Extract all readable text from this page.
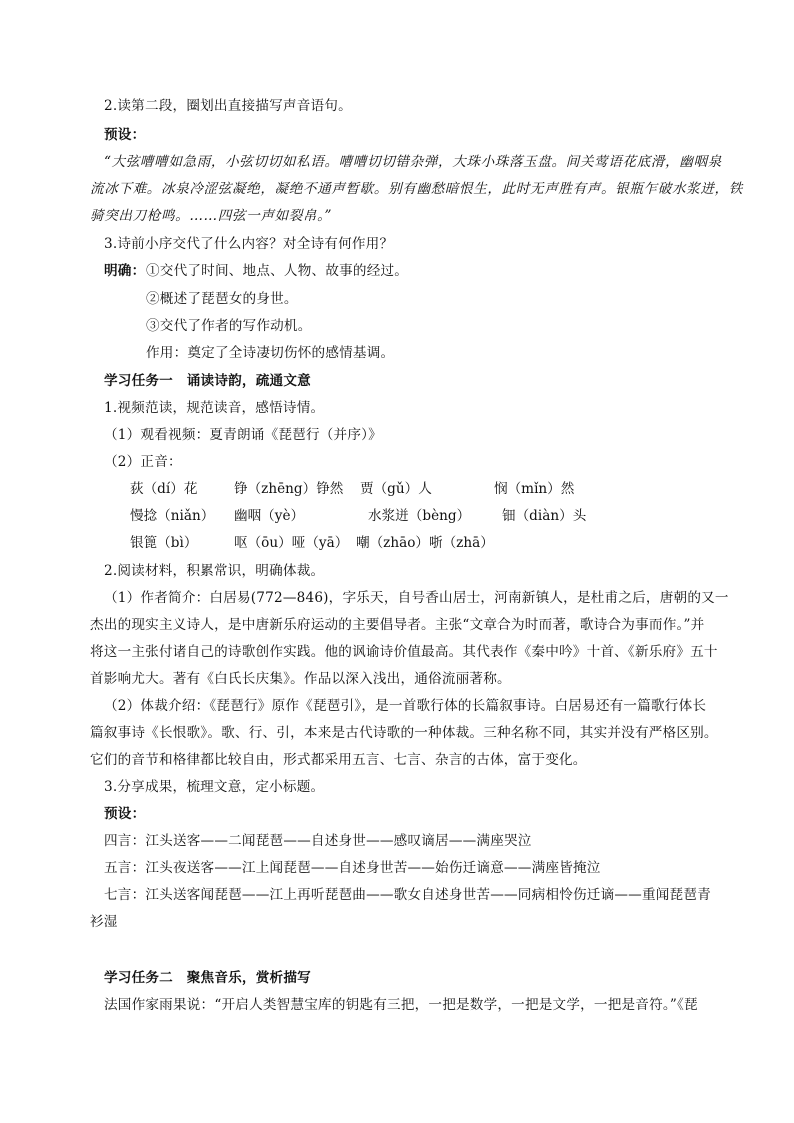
2.读第二段，圈划出直接描写声音语句。
预设：
“大弦嘈嘈如急雨，小弦切切如私语。嘈嘈切切错杂弹，大珠小珠落玉盘。间关莺语花底滑，幽咽泉
流冰下难。冰泉冷涩弦凝绝，凝绝不通声暂歇。别有幽愁暗恨生，此时无声胜有声。银瓶乍破水浆迸，铁
骑突出刀枪鸣。……四弦一声如裂帛。”
3.诗前小序交代了什么内容？对全诗有何作用？
明确： ①交代了时间、地点、人物、故事的经过。
②概述了琵琶女的身世。
③交代了作者的写作动机。
作用：奠定了全诗凄切伤怀的感情基调。
学习任务一　诵读诗韵，疏通文意
1.视频范读，规范读音，感悟诗情。
（1）观看视频：夏青朗诵《琵琶行（并序）》
（2）正音：
荻（dí）花	铮（zhēng）铮然 贾（gǔ）人	悯（mǐn）然
慢捻（niǎn） 幽咽（yè）	水浆迸（bèng） 钿（diàn）头
银篦（bì）	呕（ōu）哑（yā） 嘲（zhāo）哳（zhā）
2.阅读材料，积累常识，明确体裁。
（1）作者简介：白居易(772—846)，字乐天，自号香山居士，河南新镇人，是杜甫之后，唐朝的又一
杰出的现实主义诗人，是中唐新乐府运动的主要倡导者。主张“文章合为时而著，歌诗合为事而作。”并
将这一主张付诸自己的诗歌创作实践。他的讽谕诗价值最高。其代表作《秦中吟》十首、《新乐府》五十
首影响尤大。著有《白氏长庆集》。作品以深入浅出，通俗流丽著称。
（2）体裁介绍：《琵琶行》原作《琵琶引》，是一首歌行体的长篇叙事诗。白居易还有一篇歌行体长
篇叙事诗《长恨歌》。歌、行、引，本来是古代诗歌的一种体裁。三种名称不同，其实并没有严格区别。
它们的音节和格律都比较自由，形式都采用五言、七言、杂言的古体，富于变化。
3.分享成果，梳理文意，定小标题。
预设：
四言：江头送客——二闻琵琶——自述身世——感叹谪居——满座哭泣
五言：江头夜送客——江上闻琵琶——自述身世苦——始伤迁谪意——满座皆掩泣
七言：江头送客闻琵琶——江上再听琵琶曲——歌女自述身世苦——同病相怜伤迁谪——重闻琵琶青
衫湿
学习任务二　聚焦音乐，赏析描写
法国作家雨果说：“开启人类智慧宝库的钥匙有三把，一把是数学，一把是文学，一把是音符。”《琵
